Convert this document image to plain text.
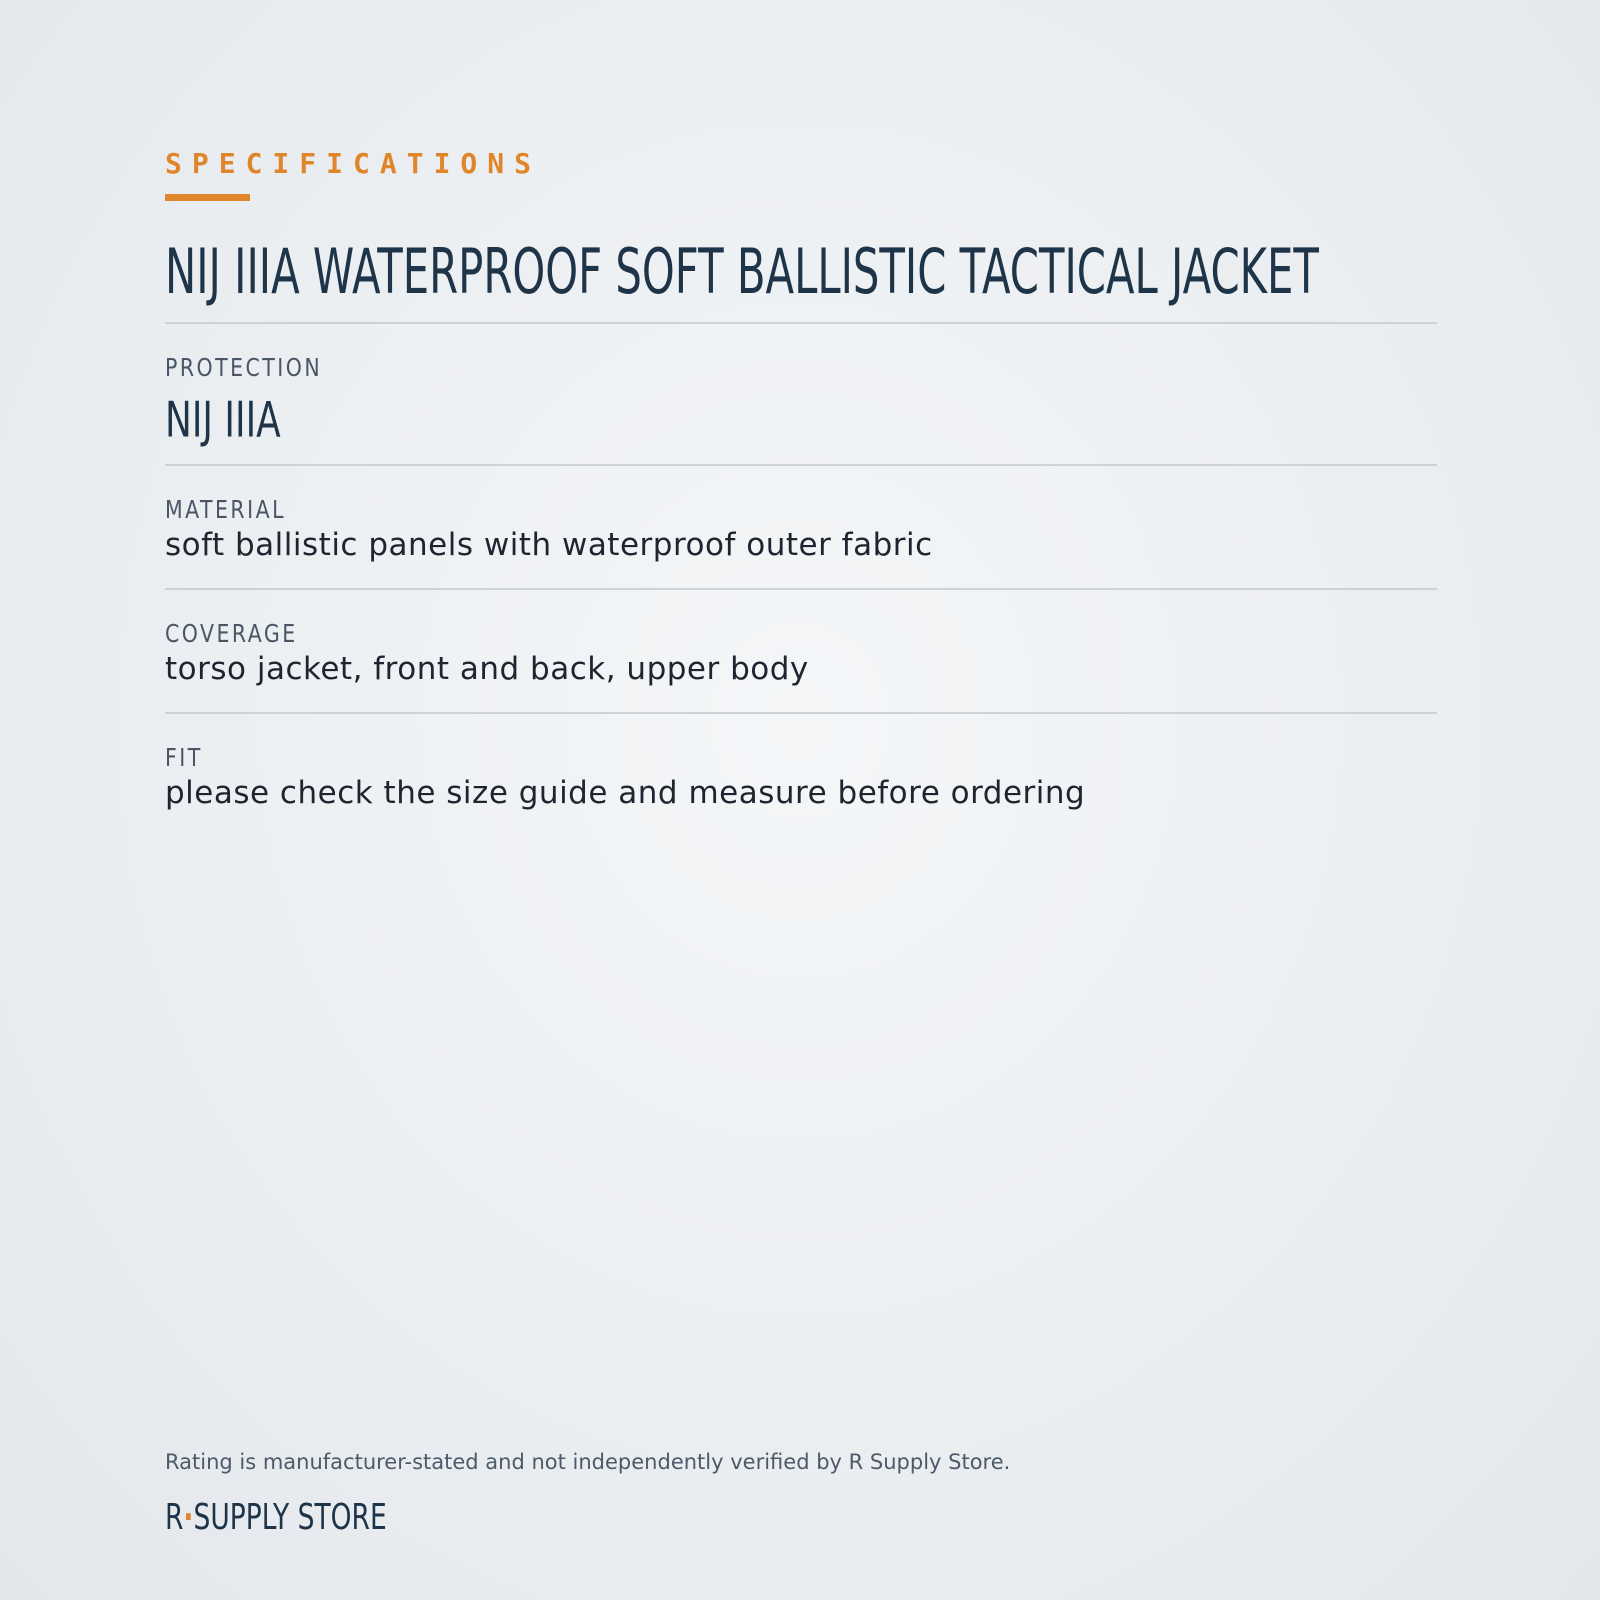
SPECIFICATIONS
NIJ IIIA WATERPROOF SOFT BALLISTIC TACTICAL JACKET
PROTECTION
NIJ IIIA
MATERIAL
soft ballistic panels with waterproof outer fabric
COVERAGE
torso jacket, front and back, upper body
FIT
please check the size guide and measure before ordering
Rating is manufacturer-stated and not independently verified by R Supply Store.
R·SUPPLY STORE
